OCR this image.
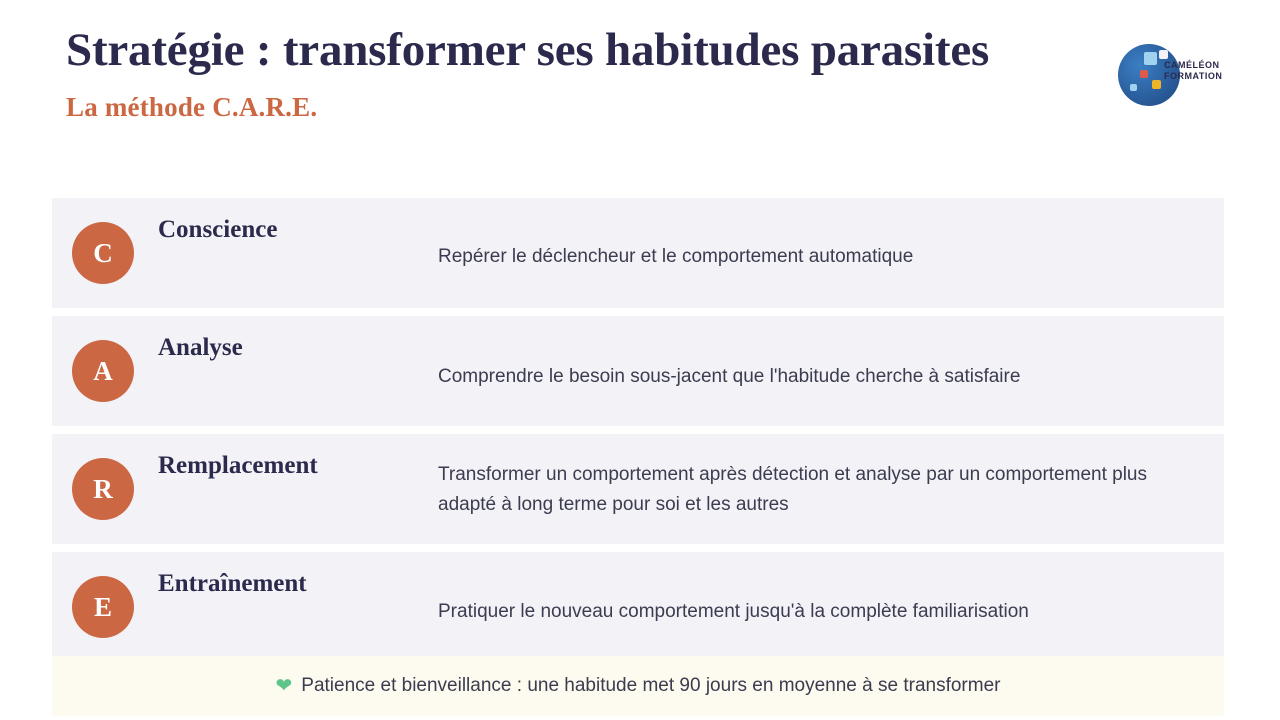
Stratégie : transformer ses habitudes parasites
La méthode C.A.R.E.
CAMÉLÉON
FORMATION
C
Conscience
Repérer le déclencheur et le comportement automatique
A
Analyse
Comprendre le besoin sous-jacent que l'habitude cherche à satisfaire
R
Remplacement	Transformer un comportement après détection et analyse par un comportement plus adapté à long terme pour soi et les autres
E
Entraînement
Pratiquer le nouveau comportement jusqu'à la complète familiarisation
❤ Patience et bienveillance : une habitude met 90 jours en moyenne à se transformer
